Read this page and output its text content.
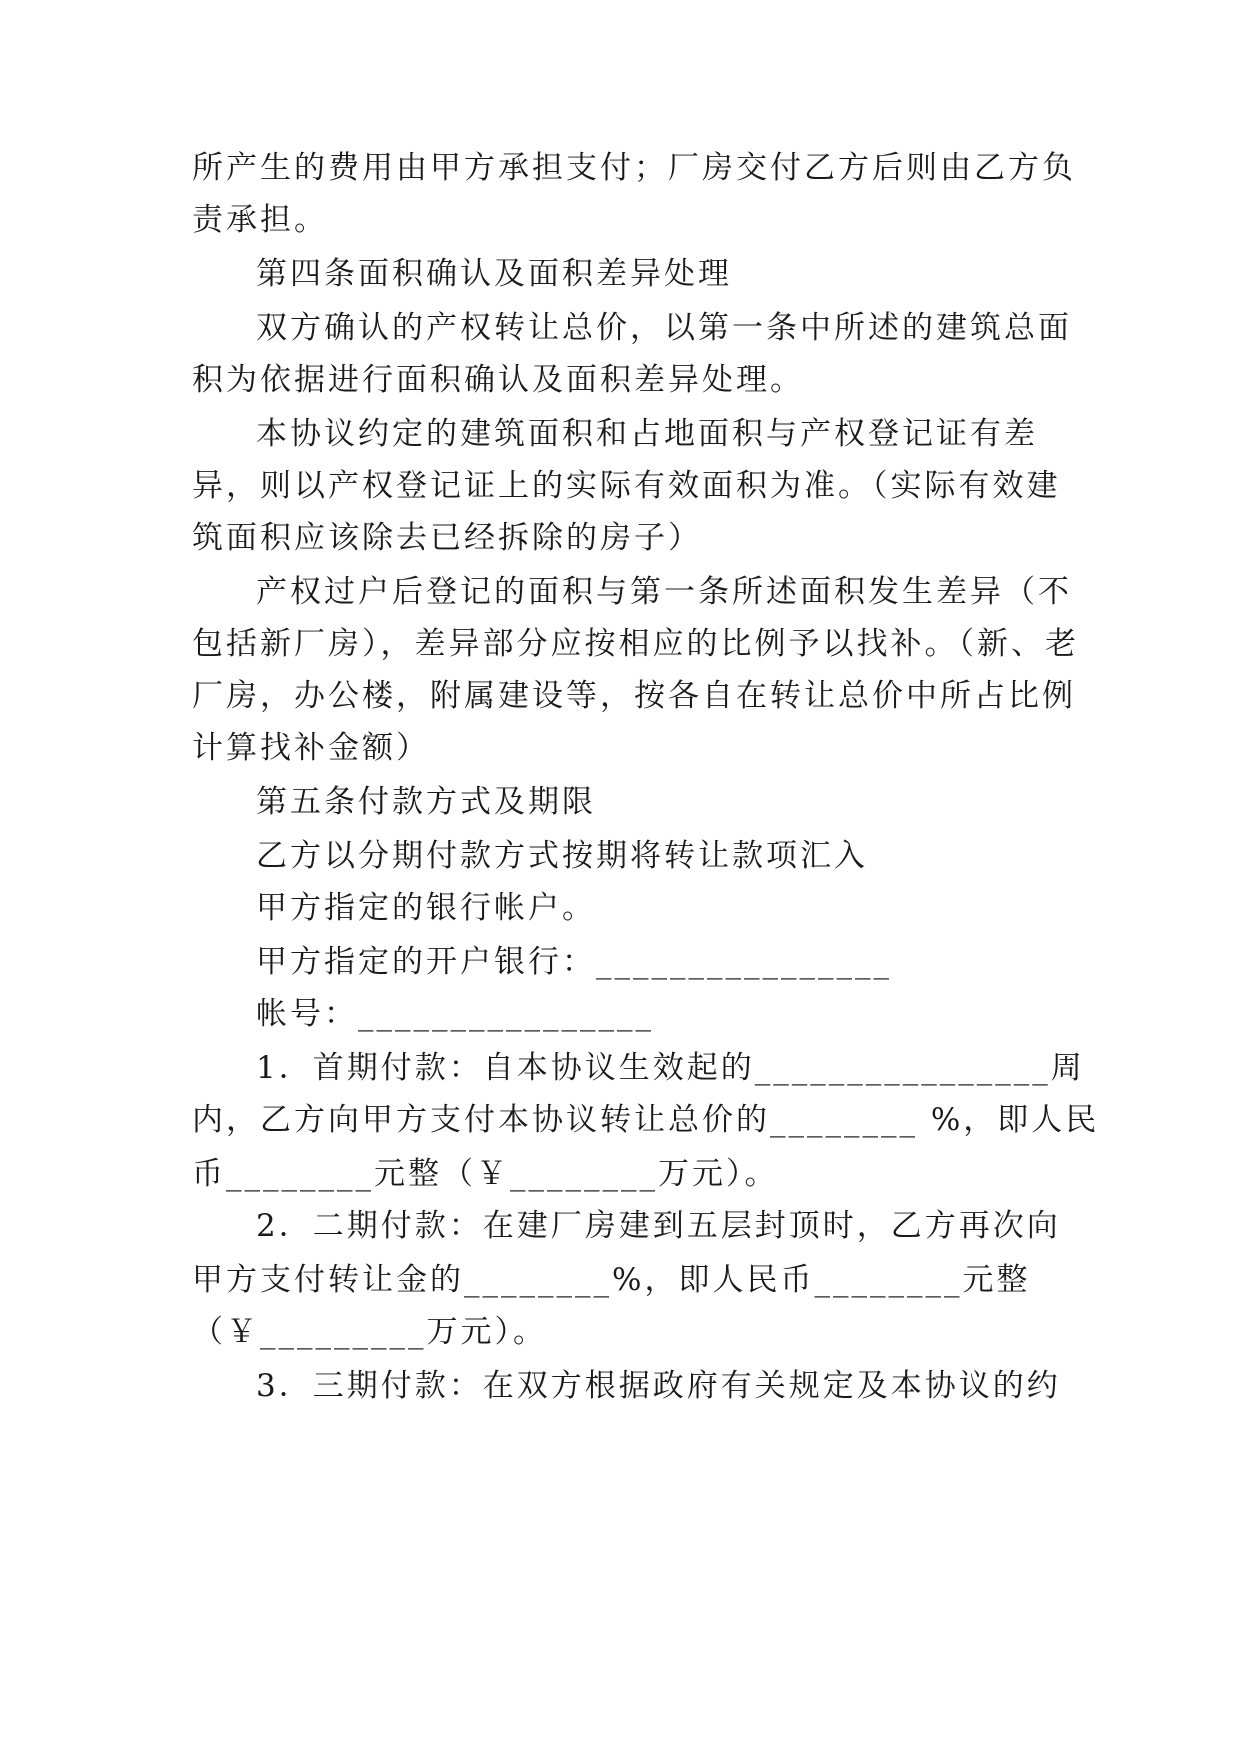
所产生的费用由甲方承担支付；厂房交付乙方后则由乙方负
责承担。
第四条面积确认及面积差异处理
双方确认的产权转让总价，以第一条中所述的建筑总面
积为依据进行面积确认及面积差异处理。
本协议约定的建筑面积和占地面积与产权登记证有差
异，则以产权登记证上的实际有效面积为准。（实际有效建
筑面积应该除去已经拆除的房子）
产权过户后登记的面积与第一条所述面积发生差异（不
包括新厂房），差异部分应按相应的比例予以找补。（新、老
厂房，办公楼，附属建设等，按各自在转让总价中所占比例
计算找补金额）
第五条付款方式及期限
乙方以分期付款方式按期将转让款项汇入
甲方指定的银行帐户。
甲方指定的开户银行：________________
帐号：________________
1．首期付款：自本协议生效起的________________周
内，乙方向甲方支付本协议转让总价的________ %，即人民
币________元整（￥________万元）。
2．二期付款：在建厂房建到五层封顶时，乙方再次向
甲方支付转让金的________%，即人民币________元整
（￥_________万元）。
3．三期付款：在双方根据政府有关规定及本协议的约
